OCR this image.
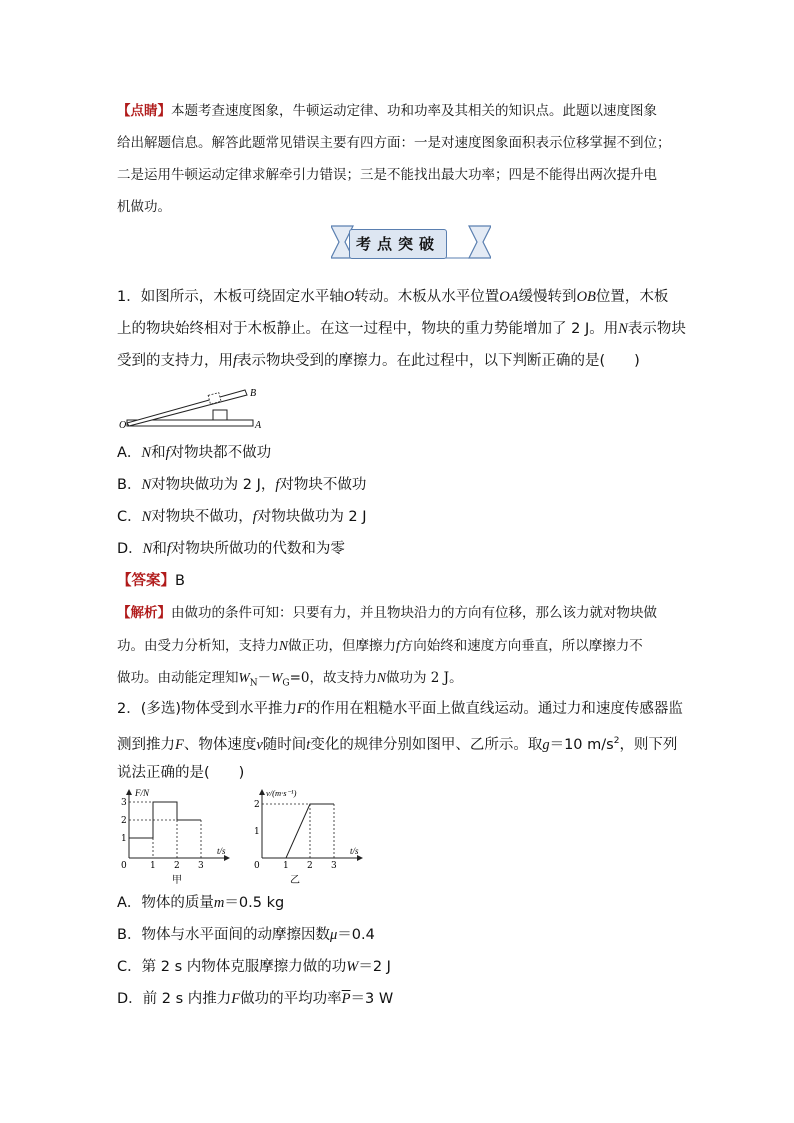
【点睛】本题考查速度图象，牛顿运动定律、功和功率及其相关的知识点。此题以速度图象
给出解题信息。解答此题常见错误主要有四方面：一是对速度图象面积表示位移掌握不到位；
二是运用牛顿运动定律求解牵引力错误；三是不能找出最大功率；四是不能得出两次提升电
机做功。
考点突破
1．如图所示，木板可绕固定水平轴O转动。木板从水平位置OA缓慢转到OB位置，木板
上的物块始终相对于木板静止。在这一过程中，物块的重力势能增加了 2 J。用N表示物块
受到的支持力，用f表示物块受到的摩擦力。在此过程中，以下判断正确的是(　　)
O	A
B
A．N和f对物块都不做功
B．N对物块做功为 2 J，f对物块不做功
C．N对物块不做功，f对物块做功为 2 J
D．N和f对物块所做功的代数和为零
【答案】B
【解析】由做功的条件可知：只要有力，并且物块沿力的方向有位移，那么该力就对物块做
功。由受力分析知，支持力N做正功，但摩擦力f方向始终和速度方向垂直，所以摩擦力不
做功。由动能定理知$W_N-W_G=0$，故支持力N做功为 2 J。
2．(多选)物体受到水平推力F的作用在粗糙水平面上做直线运动。通过力和速度传感器监
测到推力F、物体速度v随时间t变化的规律分别如图甲、乙所示。取g＝10 $m/s^2$，则下列
说法正确的是(　　)
F/N
t/s
1
2
3
0	1 2 3
甲
v/(m·s⁻¹)
t/s
1
2
0	1 2 3
乙
A．物体的质量m＝0.5 kg
B．物体与水平面间的动摩擦因数μ＝0.4
C．第 2 s 内物体克服摩擦力做的功W＝2 J
D．前 2 s 内推力F做功的平均功率$\overline{P}=3$ W
